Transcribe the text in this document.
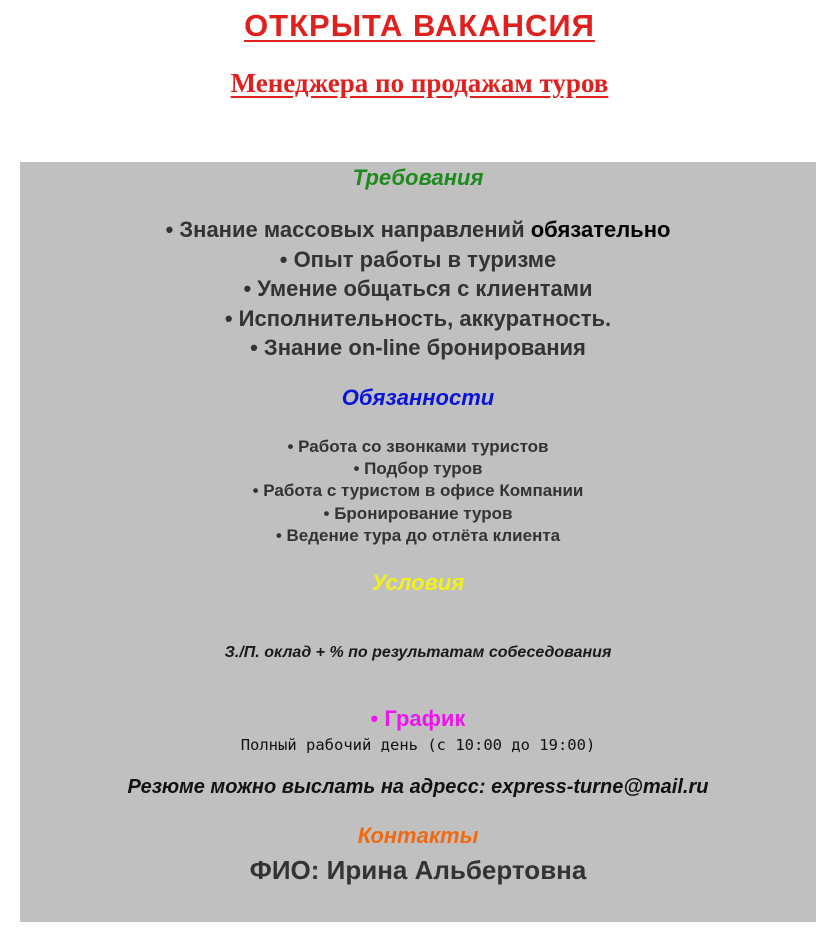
ОТКРЫТА ВАКАНСИЯ
Менеджера по продажам туров
Требования
• Знание массовых направлений обязательно
• Опыт работы в туризме
• Умение общаться с клиентами
• Исполнительность, аккуратность.
• Знание on-line бронирования
Обязанности
• Работа со звонками туристов
• Подбор туров
• Работа с туристом в офисе Компании
• Бронирование туров
• Ведение тура до отлёта клиента
Условия
З./П. оклад + % по результатам собеседования
• График
Полный рабочий день (с 10:00 до 19:00)
Резюме можно выслать на адресс: express-turne@mail.ru
Контакты
ФИО: Ирина Альбертовна
